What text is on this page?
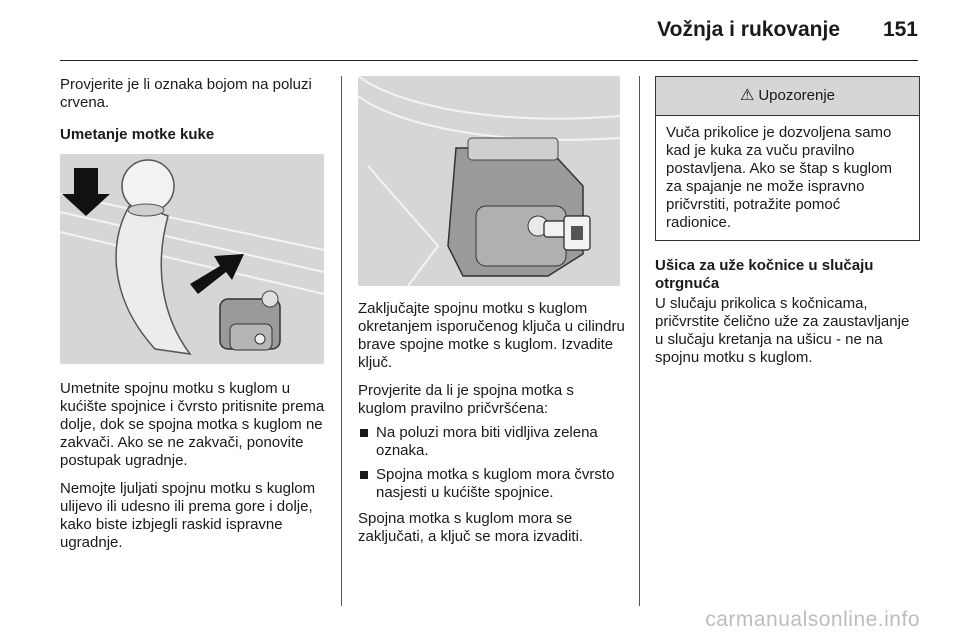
Vožnja i rukovanje 151

Provjerite je li oznaka bojom na poluzi crvena.

Umetanje motke kuke

Umetnite spojnu motku s kuglom u kućište spojnice i čvrsto pritisnite prema dolje, dok se spojna motka s kuglom ne zakvači. Ako se ne zakvači, ponovite postupak ugradnje.

Nemojte ljuljati spojnu motku s kuglom ulijevo ili udesno ili prema gore i dolje, kako biste izbjegli raskid ispravne ugradnje.

Zaključajte spojnu motku s kuglom okretanjem isporučenog ključa u cilindru brave spojne motke s kuglom. Izvadite ključ.

Provjerite da li je spojna motka s kuglom pravilno pričvršćena:

Na poluzi mora biti vidljiva zelena oznaka.
Spojna motka s kuglom mora čvrsto nasjesti u kućište spojnice.

Spojna motka s kuglom mora se zaključati, a ključ se mora izvaditi.

⚠ Upozorenje
Vuča prikolice je dozvoljena samo kad je kuka za vuču pravilno postavljena. Ako se štap s kuglom za spajanje ne može ispravno pričvrstiti, potražite pomoć radionice.
Ušica za uže kočnice u slučaju otrgnuća

U slučaju prikolica s kočnicama, pričvrstite čelično uže za zaustavljanje u slučaju kretanja na ušicu - ne na spojnu motku s kuglom.

carmanualsonline.info
